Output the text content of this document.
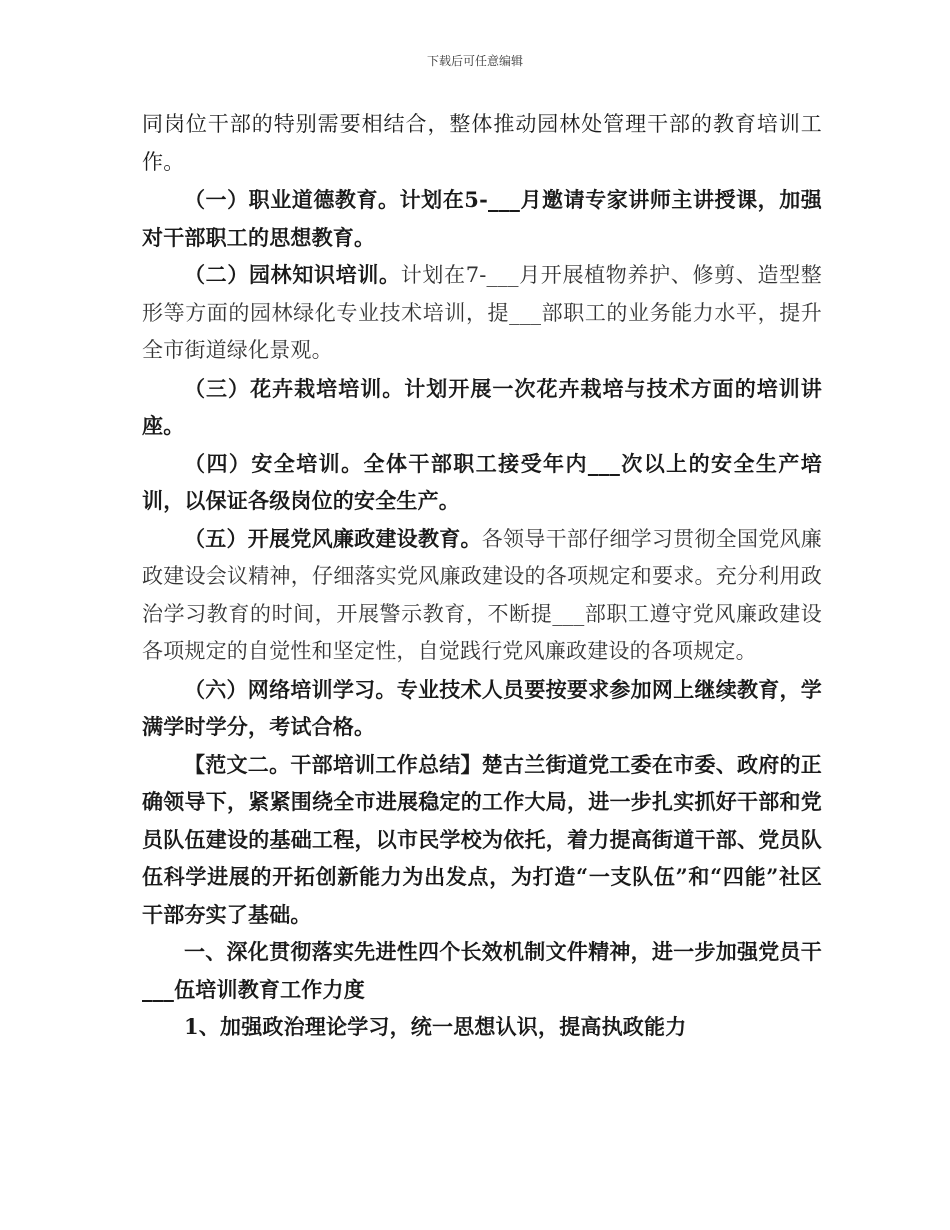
下载后可任意编辑

同岗位干部的特别需要相结合，整体推动园林处管理干部的教育培训工作。

（一）职业道德教育。计划在5-___月邀请专家讲师主讲授课，加强对干部职工的思想教育。

（二）园林知识培训。计划在7-___月开展植物养护、修剪、造型整形等方面的园林绿化专业技术培训，提___部职工的业务能力水平，提升全市街道绿化景观。

（三）花卉栽培培训。计划开展一次花卉栽培与技术方面的培训讲座。

（四）安全培训。全体干部职工接受年内___次以上的安全生产培训，以保证各级岗位的安全生产。

（五）开展党风廉政建设教育。各领导干部仔细学习贯彻全国党风廉政建设会议精神，仔细落实党风廉政建设的各项规定和要求。充分利用政治学习教育的时间，开展警示教育，不断提___部职工遵守党风廉政建设各项规定的自觉性和坚定性，自觉践行党风廉政建设的各项规定。

（六）网络培训学习。专业技术人员要按要求参加网上继续教育，学满学时学分，考试合格。

【范文二。干部培训工作总结】楚古兰街道党工委在市委、政府的正确领导下，紧紧围绕全市进展稳定的工作大局，进一步扎实抓好干部和党员队伍建设的基础工程，以市民学校为依托，着力提高街道干部、党员队伍科学进展的开拓创新能力为出发点，为打造“一支队伍”和“四能”社区干部夯实了基础。

一、深化贯彻落实先进性四个长效机制文件精神，进一步加强党员干___伍培训教育工作力度

1、加强政治理论学习，统一思想认识，提高执政能力
